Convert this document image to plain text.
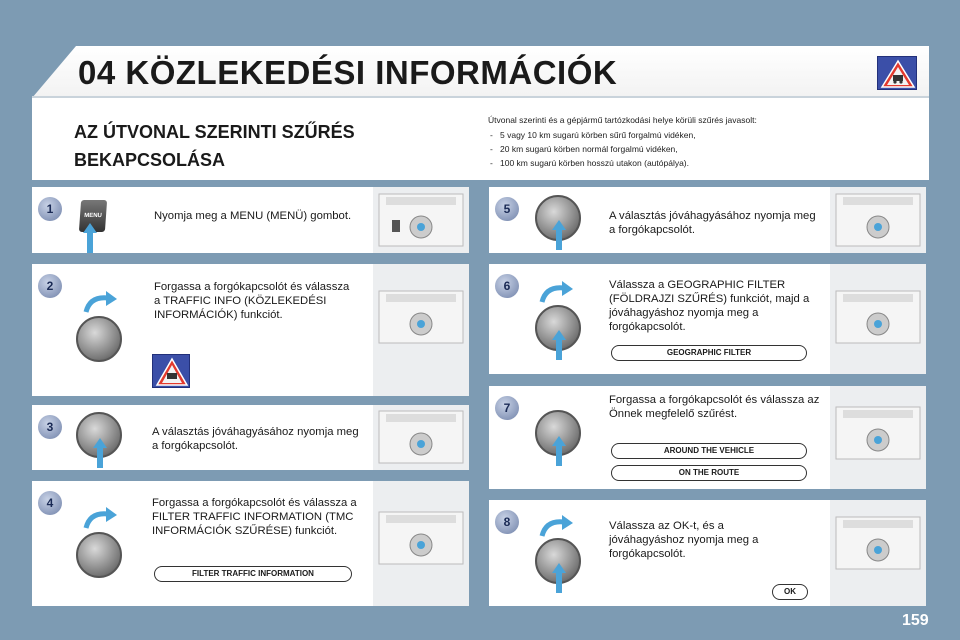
04 KÖZLEKEDÉSI INFORMÁCIÓK
AZ ÚTVONAL SZERINTI SZŰRÉS BEKAPCSOLÁSA
Útvonal szerinti és a gépjármű tartózkodási helye körüli szűrés javasolt:
- 5 vagy 10 km sugarú körben sűrű forgalmú vidéken,
- 20 km sugarú körben normál forgalmú vidéken,
- 100 km sugarú körben hosszú utakon (autópálya).
1	MENU	Nyomja meg a MENU (MENÜ) gombot.
2	Forgassa a forgókapcsolót és válassza a TRAFFIC INFO (KÖZLEKEDÉSI INFORMÁCIÓK) funkciót.
3	A választás jóváhagyásához nyomja meg a forgókapcsolót.
4	Forgassa a forgókapcsolót és válassza a FILTER TRAFFIC INFORMATION (TMC INFORMÁCIÓK SZŰRÉSE) funkciót.
FILTER TRAFFIC INFORMATION
5	A választás jóváhagyásához nyomja meg a forgókapcsolót.
6	Válassza a GEOGRAPHIC FILTER (FÖLDRAJZI SZŰRÉS) funkciót, majd a jóváhagyáshoz nyomja meg a forgókapcsolót.
GEOGRAPHIC FILTER
7
Forgassa a forgókapcsolót és válassza az Önnek megfelelő szűrést.
AROUND THE VEHICLE
ON THE ROUTE
8	Válassza az OK-t, és a jóváhagyáshoz nyomja meg a forgókapcsolót.
OK
159
